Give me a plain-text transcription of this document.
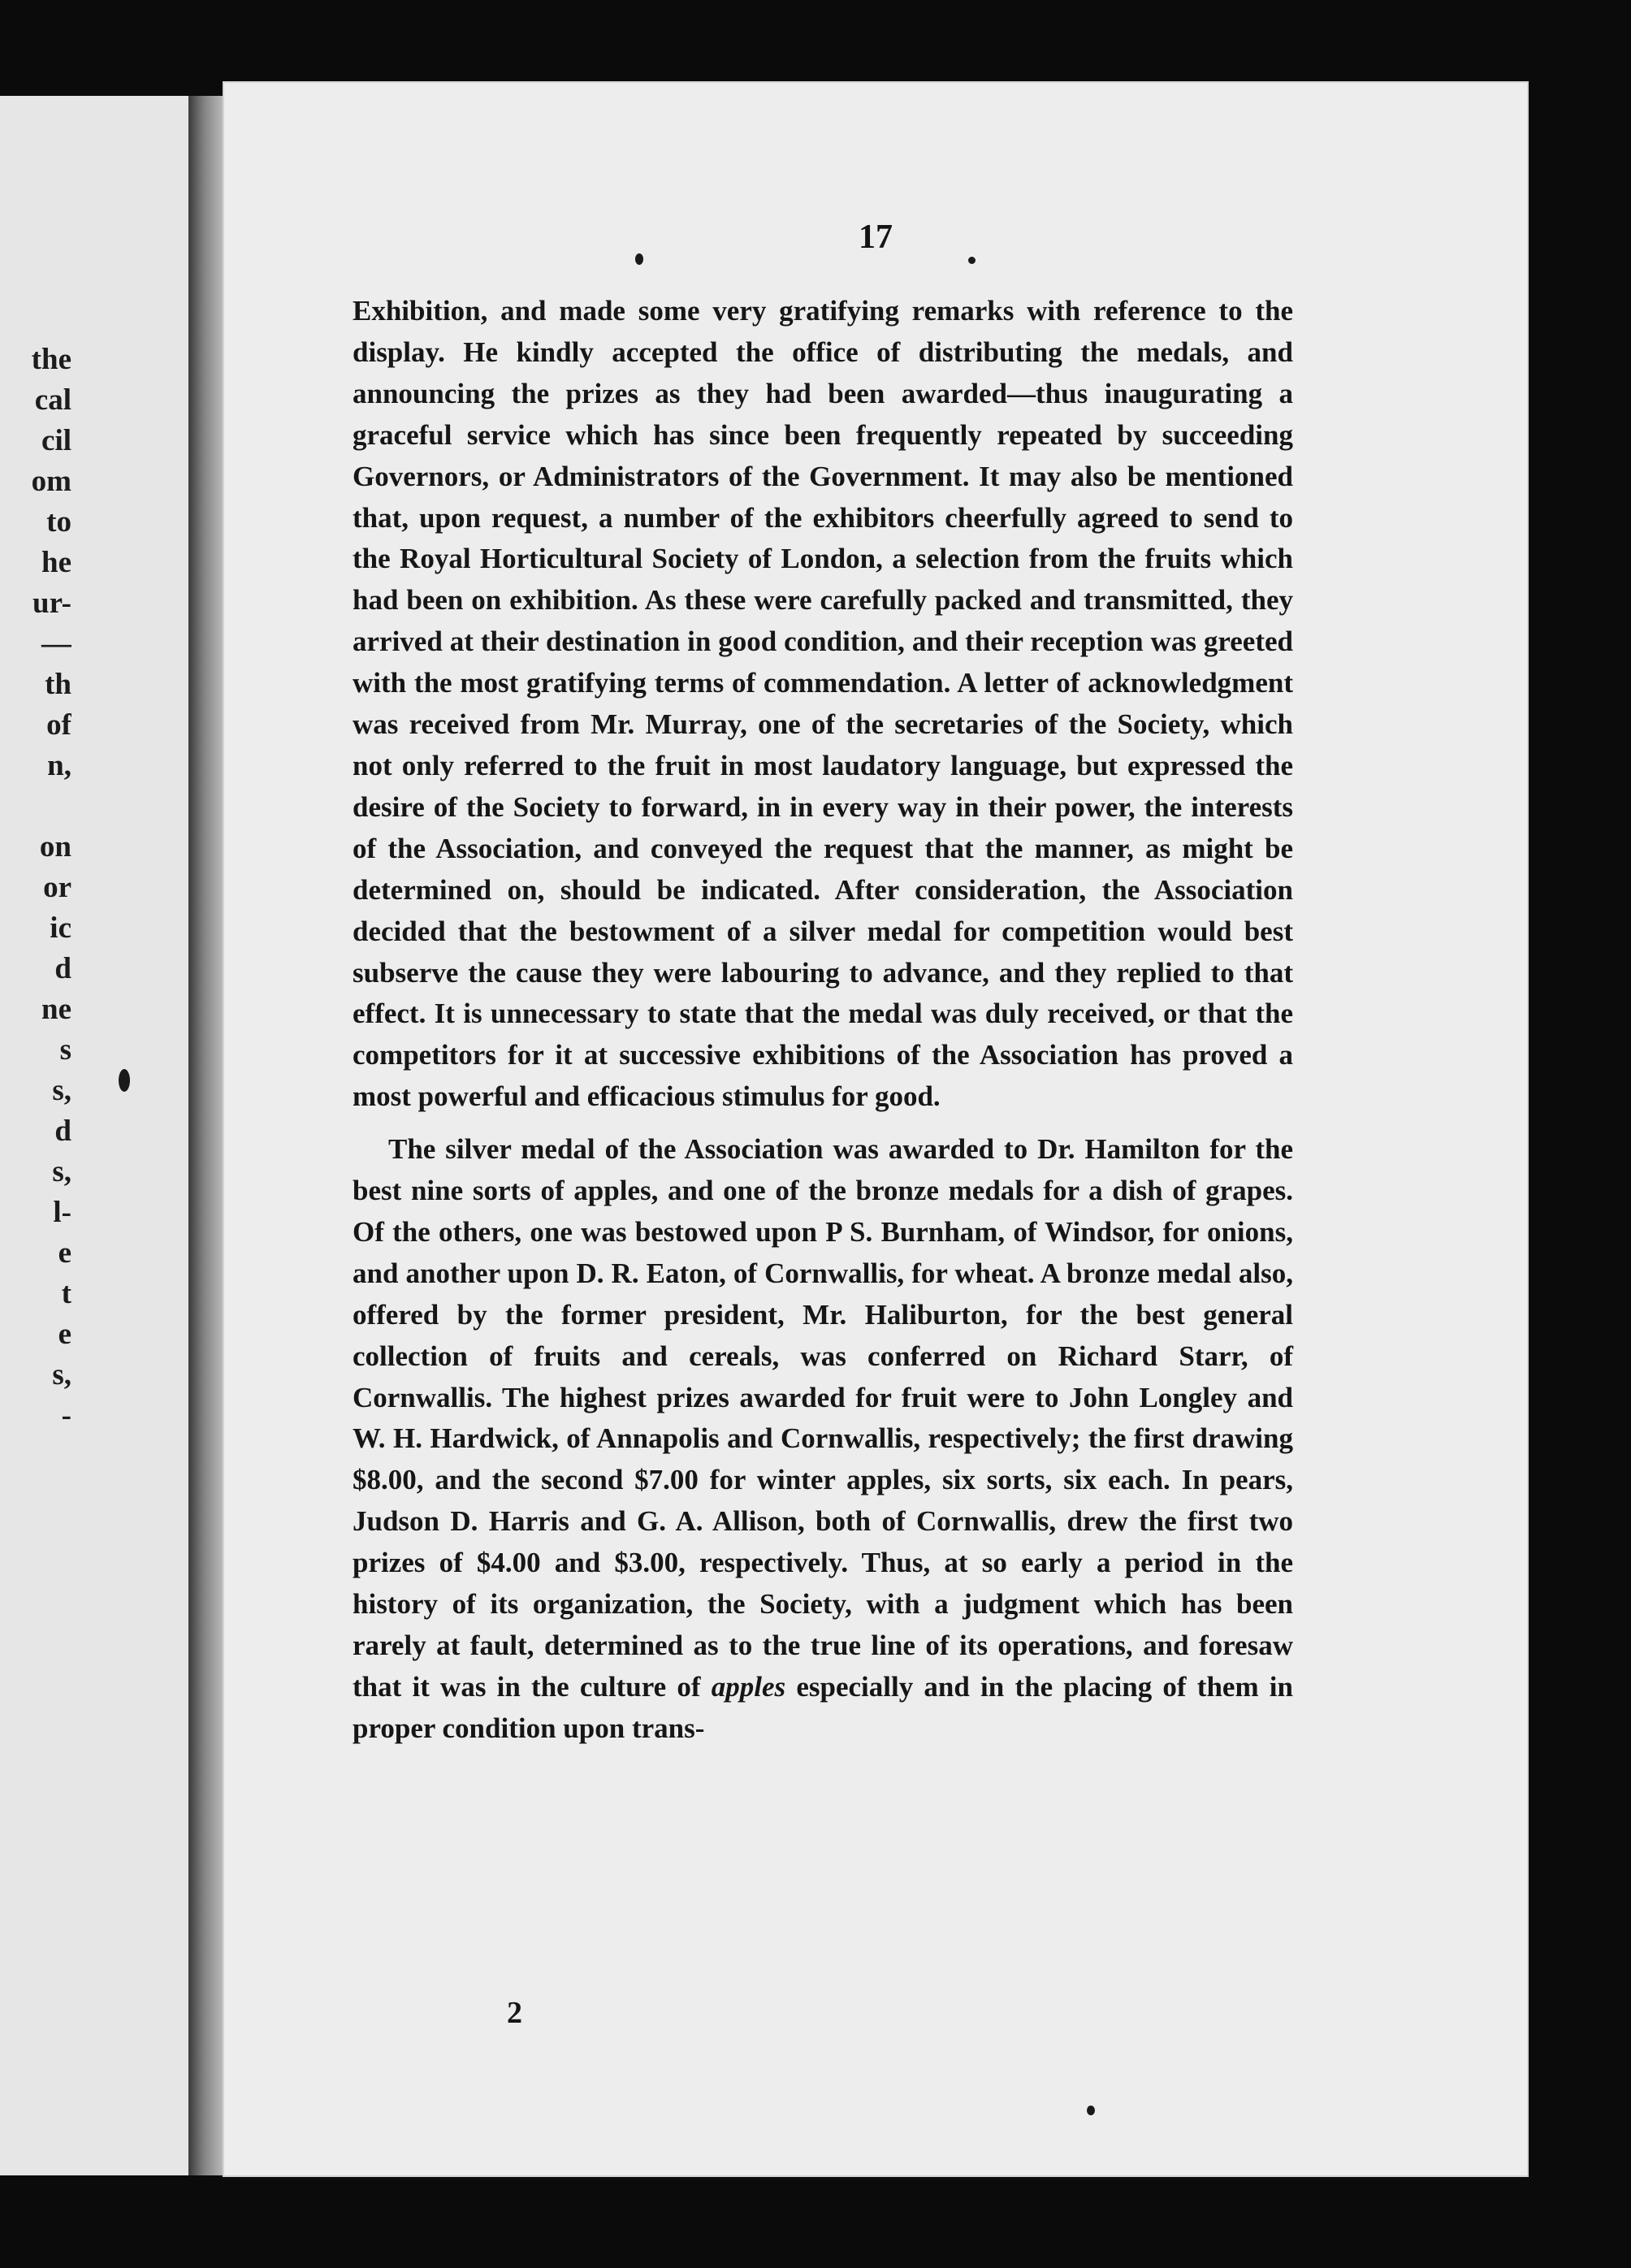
the
cal
cil
om
to
he
ur-
—
th
of
n,
on
or
ic
d
ne
s
s,
d
s,
l-
e
t
e
s,
-
17

Exhibition, and made some very gratifying remarks with reference to the display. He kindly accepted the office of distributing the medals, and announcing the prizes as they had been awarded—thus inaugurating a graceful service which has since been frequently repeated by succeeding Governors, or Administrators of the Government. It may also be mentioned that, upon request, a number of the exhibitors cheerfully agreed to send to the Royal Horticultural Society of London, a selection from the fruits which had been on exhibition. As these were carefully packed and transmitted, they arrived at their destination in good condition, and their reception was greeted with the most gratifying terms of commendation. A letter of acknowledgment was received from Mr. Murray, one of the secretaries of the Society, which not only referred to the fruit in most laudatory language, but expressed the desire of the Society to forward, in in every way in their power, the interests of the Association, and conveyed the request that the manner, as might be determined on, should be indicated. After consideration, the Association decided that the bestowment of a silver medal for competition would best subserve the cause they were labouring to advance, and they replied to that effect. It is unnecessary to state that the medal was duly received, or that the competitors for it at successive exhibitions of the Association has proved a most powerful and efficacious stimulus for good.

The silver medal of the Association was awarded to Dr. Hamilton for the best nine sorts of apples, and one of the bronze medals for a dish of grapes. Of the others, one was bestowed upon P S. Burnham, of Windsor, for onions, and another upon D. R. Eaton, of Cornwallis, for wheat. A bronze medal also, offered by the former president, Mr. Haliburton, for the best general collection of fruits and cereals, was conferred on Richard Starr, of Cornwallis. The highest prizes awarded for fruit were to John Longley and W. H. Hardwick, of Annapolis and Cornwallis, respectively; the first drawing $8.00, and the second $7.00 for winter apples, six sorts, six each. In pears, Judson D. Harris and G. A. Allison, both of Cornwallis, drew the first two prizes of $4.00 and $3.00, respectively. Thus, at so early a period in the history of its organization, the Society, with a judgment which has been rarely at fault, determined as to the true line of its operations, and foresaw that it was in the culture of apples especially and in the placing of them in proper condition upon trans-

2
